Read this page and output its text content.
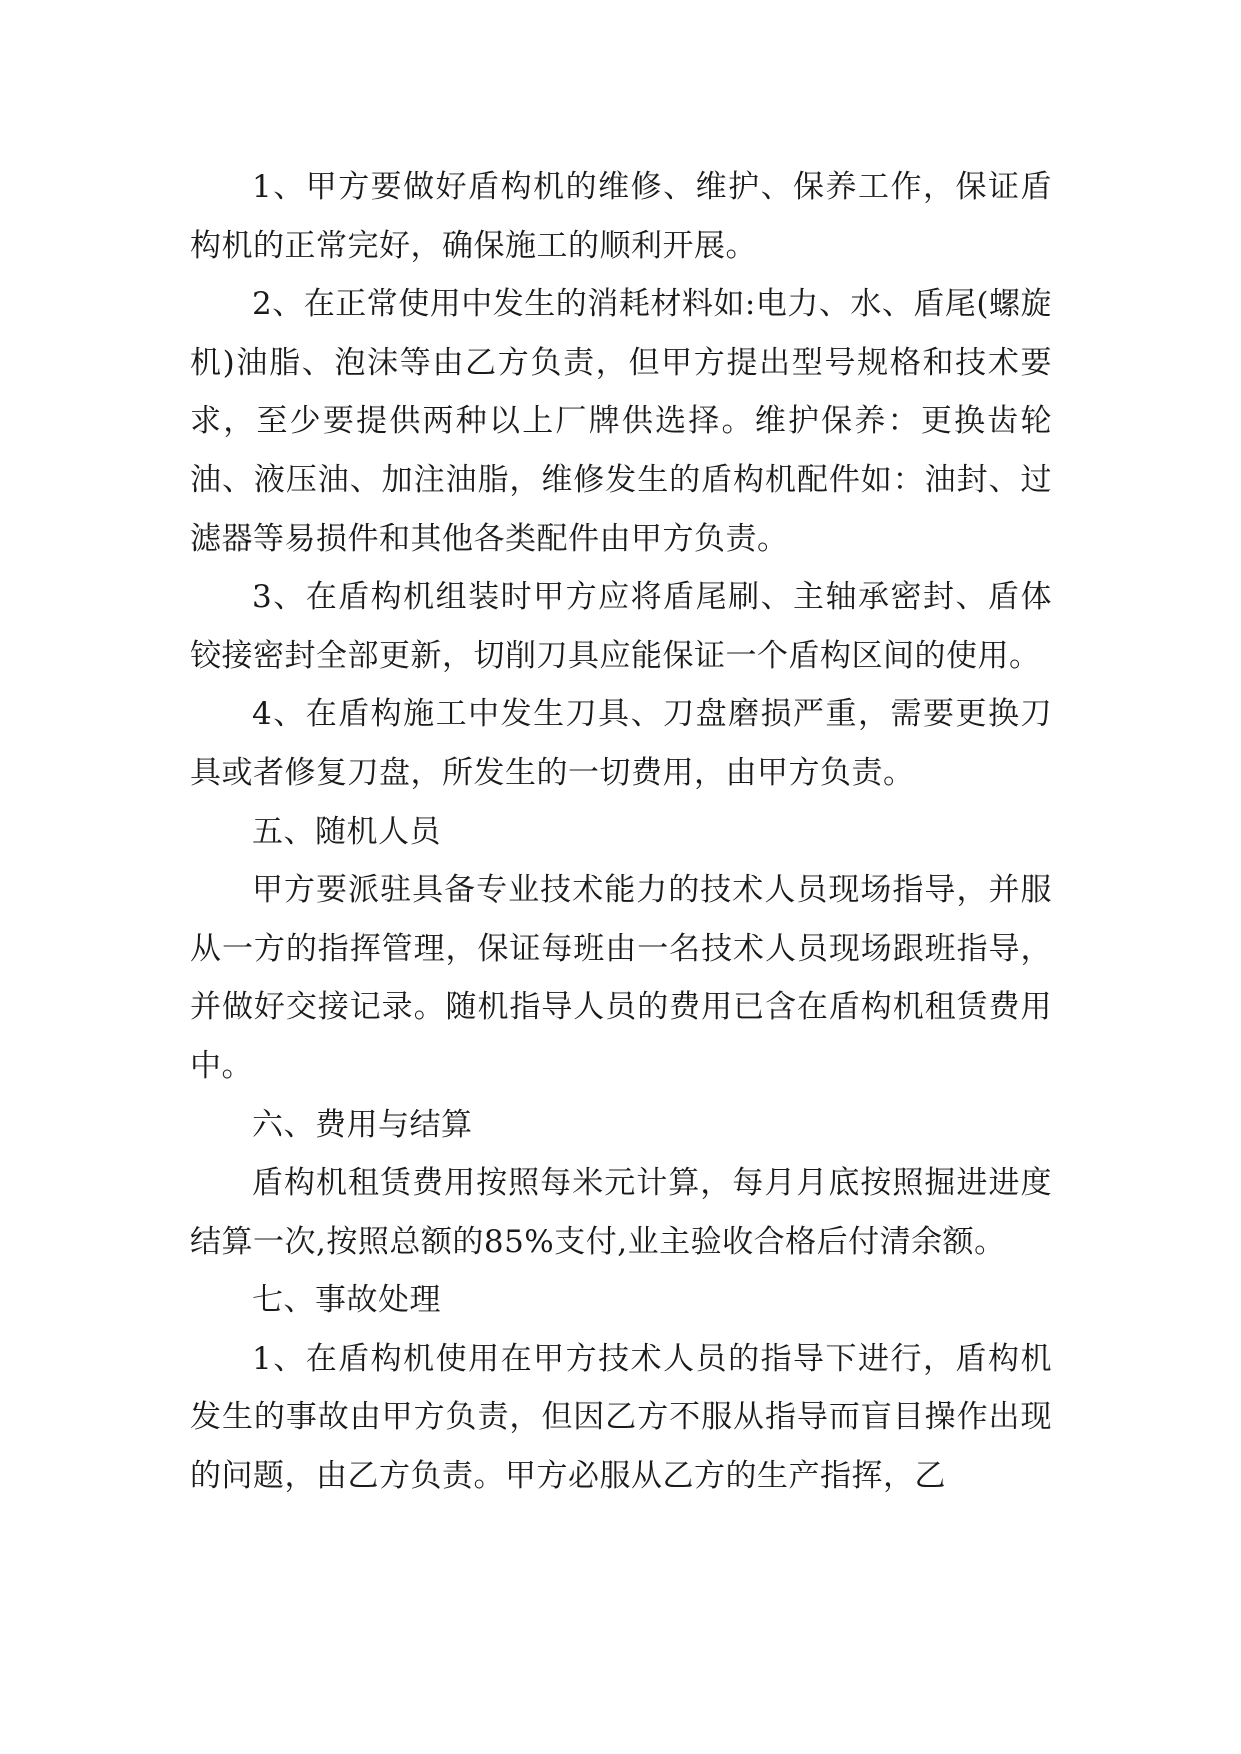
1、甲方要做好盾构机的维修、维护、保养工作，保证盾构机的正常完好，确保施工的顺利开展。

2、在正常使用中发生的消耗材料如:电力、水、盾尾(螺旋机)油脂、泡沫等由乙方负责，但甲方提出型号规格和技术要求，至少要提供两种以上厂牌供选择。维护保养：更换齿轮油、液压油、加注油脂，维修发生的盾构机配件如：油封、过滤器等易损件和其他各类配件由甲方负责。

3、在盾构机组装时甲方应将盾尾刷、主轴承密封、盾体铰接密封全部更新，切削刀具应能保证一个盾构区间的使用。

4、在盾构施工中发生刀具、刀盘磨损严重，需要更换刀具或者修复刀盘，所发生的一切费用，由甲方负责。

五、随机人员

甲方要派驻具备专业技术能力的技术人员现场指导，并服从一方的指挥管理，保证每班由一名技术人员现场跟班指导，并做好交接记录。随机指导人员的费用已含在盾构机租赁费用中。

六、费用与结算

盾构机租赁费用按照每米元计算，每月月底按照掘进进度结算一次,按照总额的85%支付,业主验收合格后付清余额。

七、事故处理

1、在盾构机使用在甲方技术人员的指导下进行，盾构机发生的事故由甲方负责，但因乙方不服从指导而盲目操作出现的问题，由乙方负责。甲方必服从乙方的生产指挥，乙
